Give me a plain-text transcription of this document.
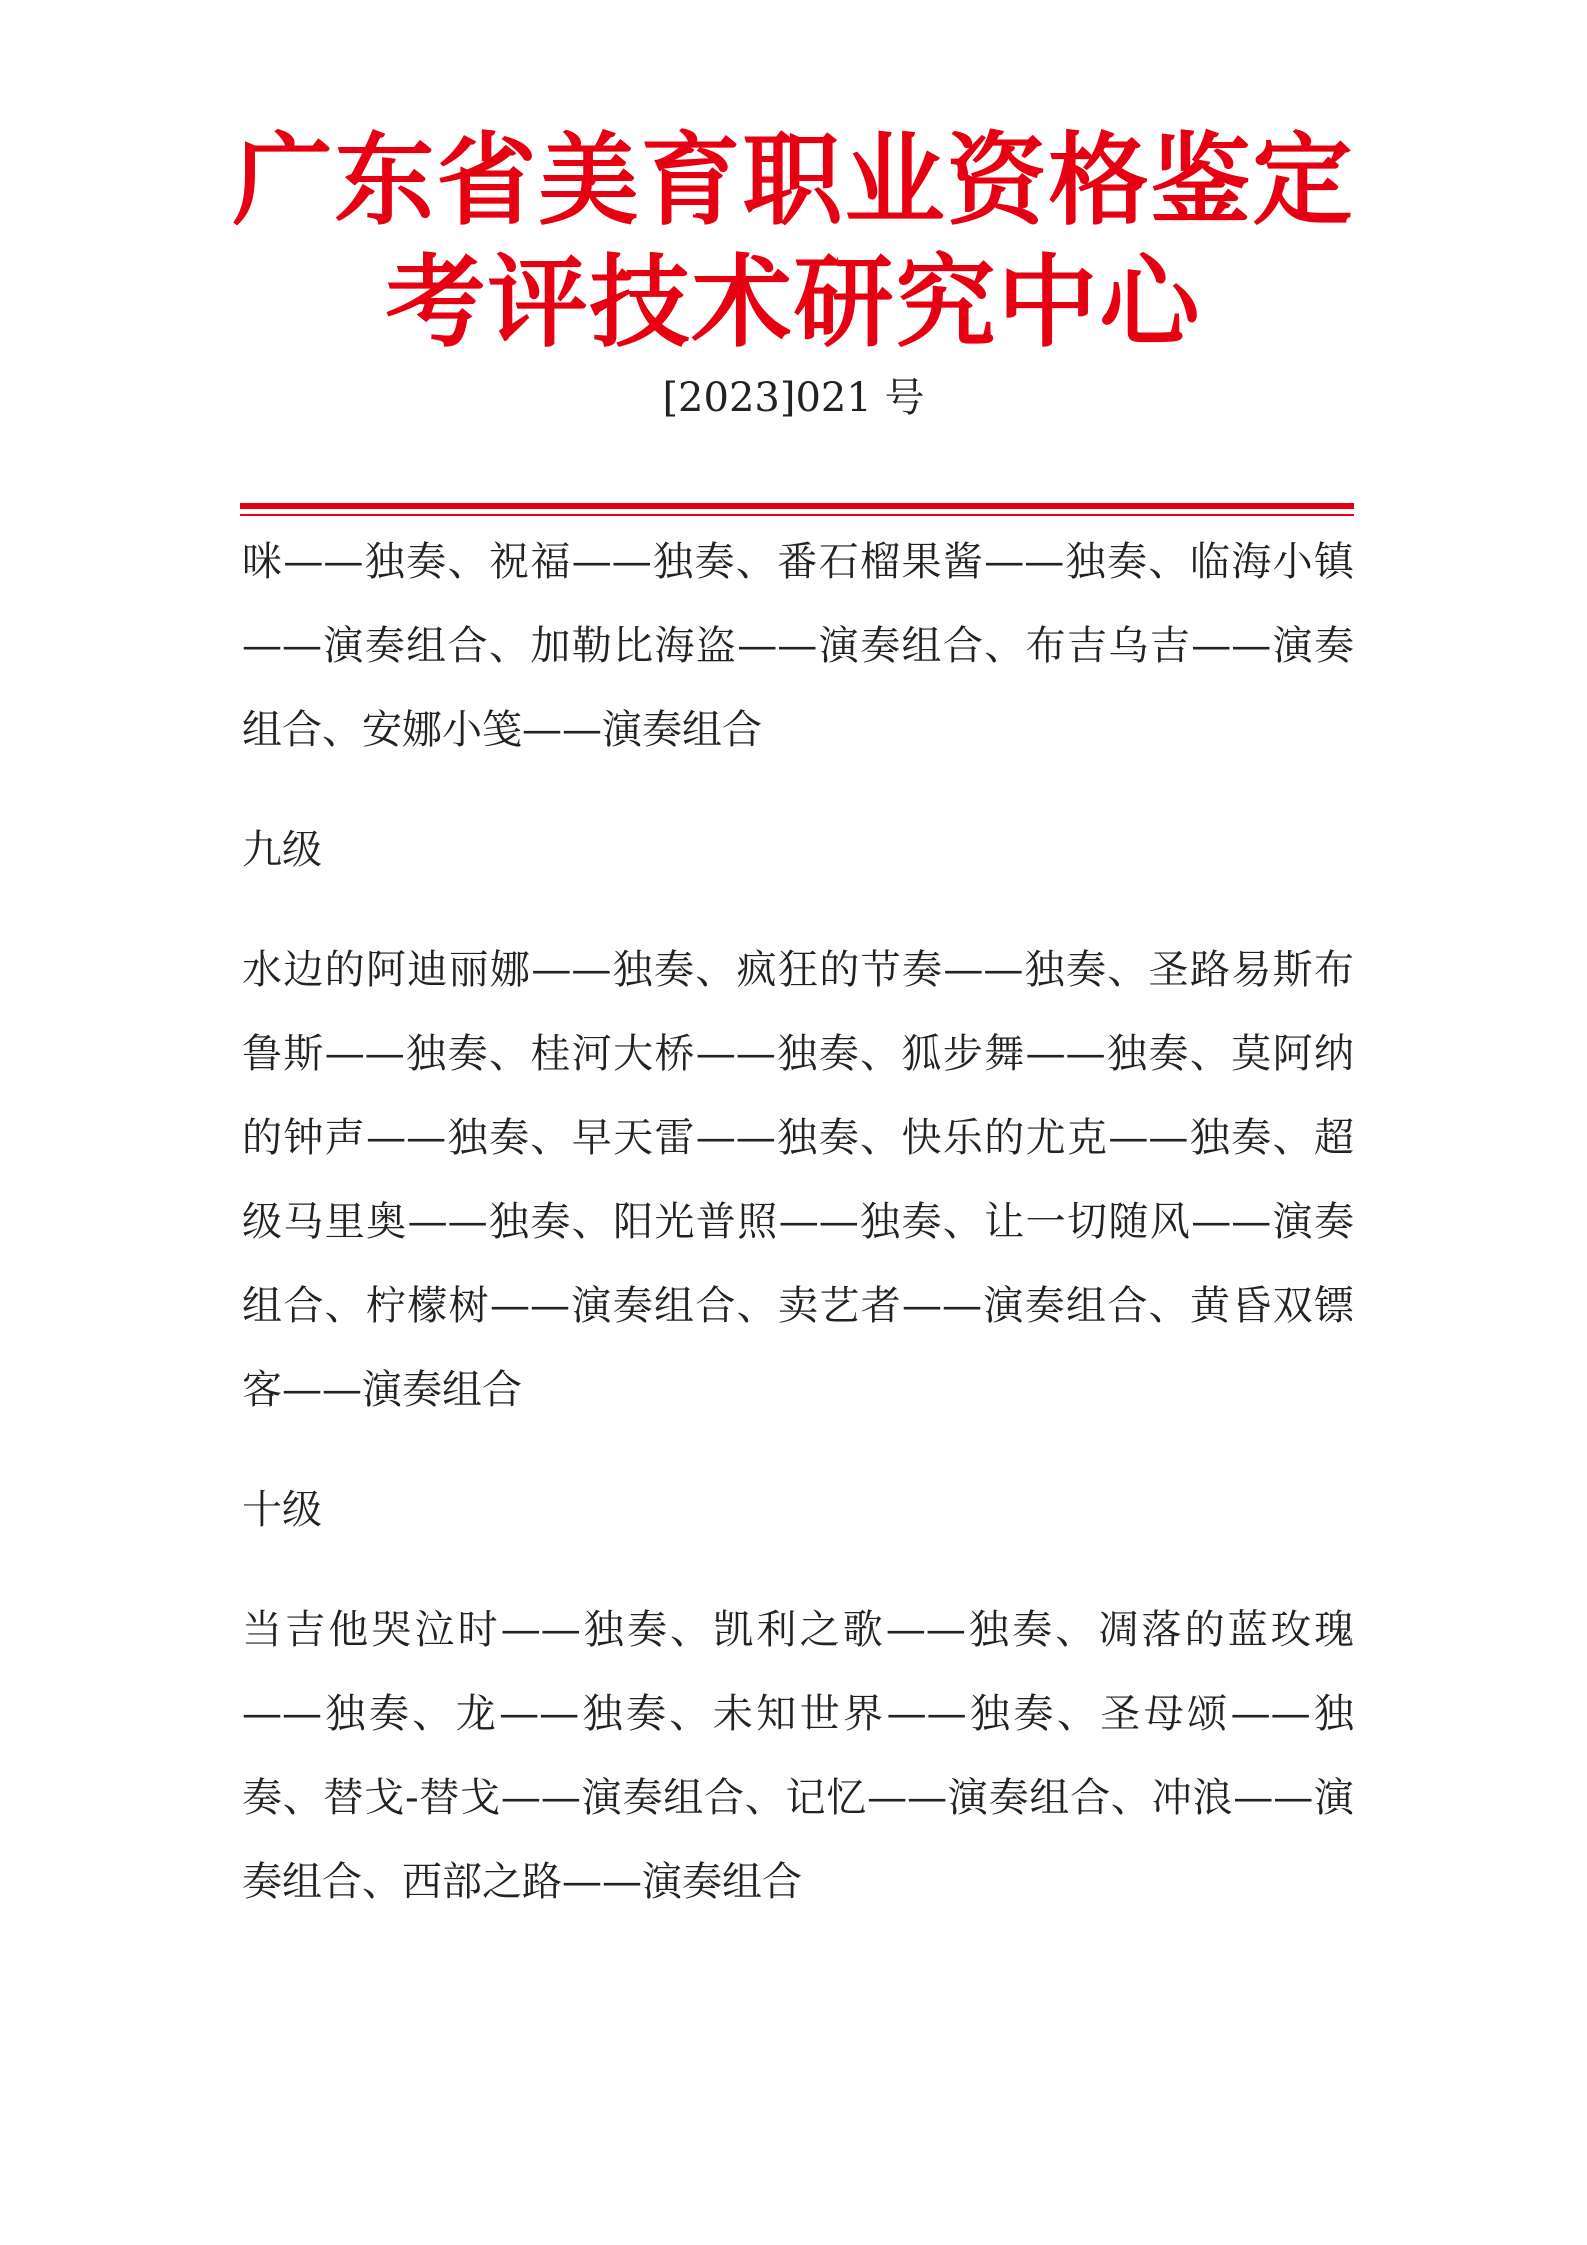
广东省美育职业资格鉴定
考评技术研究中心
[2023]021 号

咪——独奏、祝福——独奏、番石榴果酱——独奏、临海小镇——演奏组合、加勒比海盗——演奏组合、布吉乌吉——演奏组合、安娜小笺——演奏组合

九级

水边的阿迪丽娜——独奏、疯狂的节奏——独奏、圣路易斯布鲁斯——独奏、桂河大桥——独奏、狐步舞——独奏、莫阿纳的钟声——独奏、早天雷——独奏、快乐的尤克——独奏、超级马里奥——独奏、阳光普照——独奏、让一切随风——演奏组合、柠檬树——演奏组合、卖艺者——演奏组合、黄昏双镖客——演奏组合

十级

当吉他哭泣时——独奏、凯利之歌——独奏、凋落的蓝玫瑰——独奏、龙——独奏、未知世界——独奏、圣母颂——独奏、替戈-替戈——演奏组合、记忆——演奏组合、冲浪——演奏组合、西部之路——演奏组合
